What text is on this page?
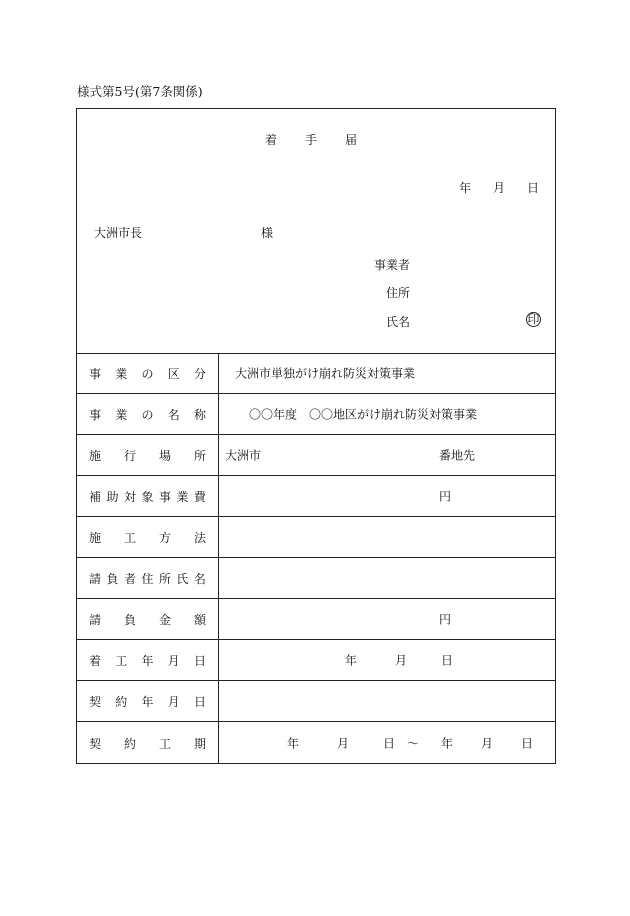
様式第5号(第7条関係)
着手届
年 月 日
大洲市長	様
事業者
住所
氏名	印
事 業 の 区 分 大洲市単独がけ崩れ防災対策事業
事 業 の 名 称	〇〇年度　〇〇地区がけ崩れ防災対策事業
施 行 場 所 大洲市	番地先
補 助 対 象 事 業 費	円
施 工 方 法
請 負 者 住 所 氏 名
請 負 金 額	円
着 工 年 月 日	年	月	日
契 約 年 月 日
契 約 工 期	年	月	日 〜 年 月 日
